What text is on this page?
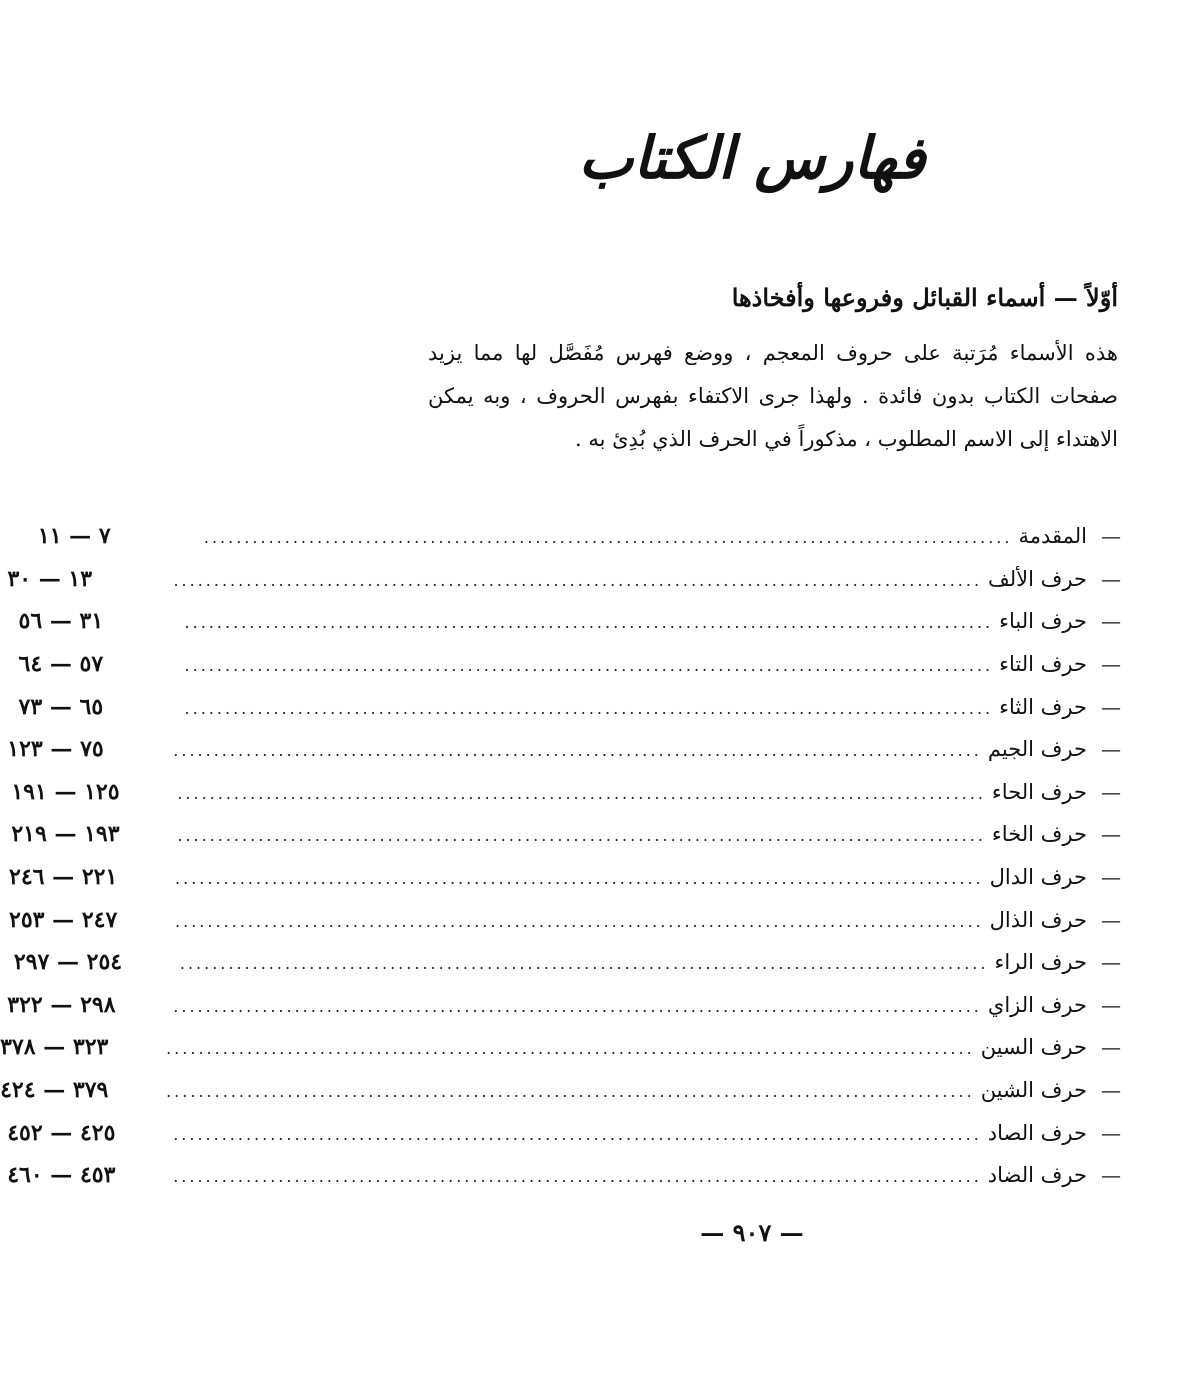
فهارس الكتاب
أوّلاً — أسماء القبائل وفروعها وأفخاذها

هذه الأسماء مُرَتبة على حروف المعجم ، ووضع فهرس مُفَصَّل لها مما يزيد صفحات الكتاب بدون فائدة . ولهذا جرى الاكتفاء بفهرس الحروف ، وبه يمكن الاهتداء إلى الاسم المطلوب ، مذكوراً في الحرف الذي بُدِئ به .

—
المقدمة
....................................................................................................
٧ — ١١
—
حرف الألف
....................................................................................................
١٣ — ٣٠
—
حرف الباء
....................................................................................................
٣١ — ٥٦
—
حرف التاء
....................................................................................................
٥٧ — ٦٤
—
حرف الثاء
....................................................................................................
٦٥ — ٧٣
—
حرف الجيم
....................................................................................................
٧٥ — ١٢٣
—
حرف الحاء
....................................................................................................
١٢٥ — ١٩١
—
حرف الخاء
....................................................................................................
١٩٣ — ٢١٩
—
حرف الدال
....................................................................................................
٢٢١ — ٢٤٦
—
حرف الذال
....................................................................................................
٢٤٧ — ٢٥٣
—
حرف الراء
....................................................................................................
٢٥٤ — ٢٩٧
—
حرف الزاي
....................................................................................................
٢٩٨ — ٣٢٢
—
حرف السين
....................................................................................................
٣٢٣ — ٣٧٨
—
حرف الشين
....................................................................................................
٣٧٩ — ٤٢٤
—
حرف الصاد
....................................................................................................
٤٢٥ — ٤٥٢
—
حرف الضاد
....................................................................................................
٤٥٣ — ٤٦٠

— ٩٠٧ —
